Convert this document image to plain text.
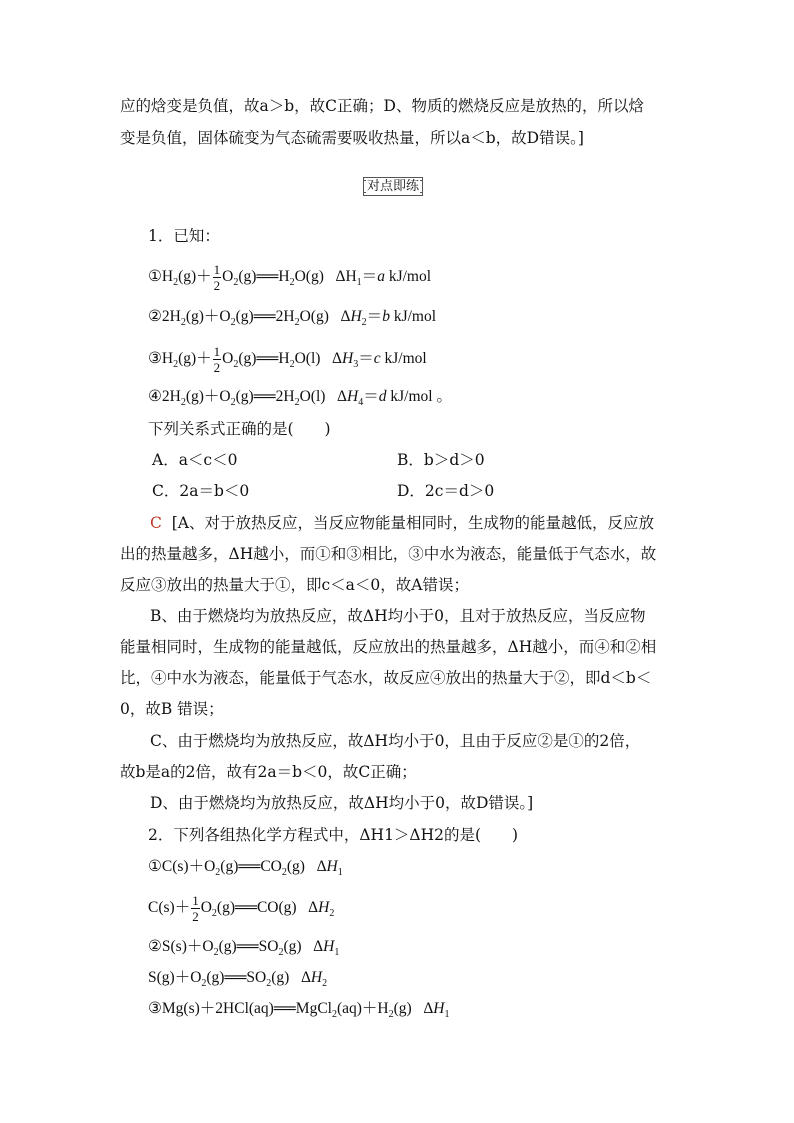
应的焓变是负值，故a＞b，故C正确；D、物质的燃烧反应是放热的，所以焓
变是负值，固体硫变为气态硫需要吸收热量，所以a＜b，故D错误。]
对点即练
1．已知：
$①H_2(g)+ \frac{1}{2}$ $O_2(g)══H_2O(g)$   $\Delta H_1=a$ kJ/mol
$②2H_2(g)+O_2(g)══2H_2O(g)$   $\Delta H_2=b$ kJ/mol
$③H_2(g)+ \frac{1}{2}$ $O_2(g)══H_2O(l)$   $\Delta H_3=c$ kJ/mol
$④2H_2(g)+O_2(g)══2H_2O(l)$   $\Delta H_4=d$ kJ/mol 。
下列关系式正确的是(　　)
A．a＜c＜0	B．b＞d＞0
C．2a＝b＜0	D．2c＝d＞0
C [A、对于放热反应，当反应物能量相同时，生成物的能量越低，反应放
出的热量越多，ΔH越小，而①和③相比，③中水为液态，能量低于气态水，故
反应③放出的热量大于①，即c＜a＜0，故A错误；
B、由于燃烧均为放热反应，故ΔH均小于0，且对于放热反应，当反应物
能量相同时，生成物的能量越低，反应放出的热量越多，ΔH越小，而④和②相
比，④中水为液态，能量低于气态水，故反应④放出的热量大于②，即d＜b＜
0，故B 错误；
C、由于燃烧均为放热反应，故ΔH均小于0，且由于反应②是①的2倍，
故b是a的2倍，故有2a＝b＜0，故C正确；
D、由于燃烧均为放热反应，故ΔH均小于0，故D错误。]
2．下列各组热化学方程式中，ΔH1＞ΔH2的是(　　)
$①C(s)+O_2(g)══CO_2(g)$   $\Delta H_1$
$C(s)+ \frac{1}{2}$ $O_2(g)══CO(g)$   $\Delta H_2$
$②S(s)+O_2(g)══SO_2(g)$   $\Delta H_1$
$S(g)+O_2(g)══SO_2(g)$   $\Delta H_2$
$③Mg(s)+2HCl(aq)══MgCl_2(aq)+H_2(g)$   $\Delta H_1$
